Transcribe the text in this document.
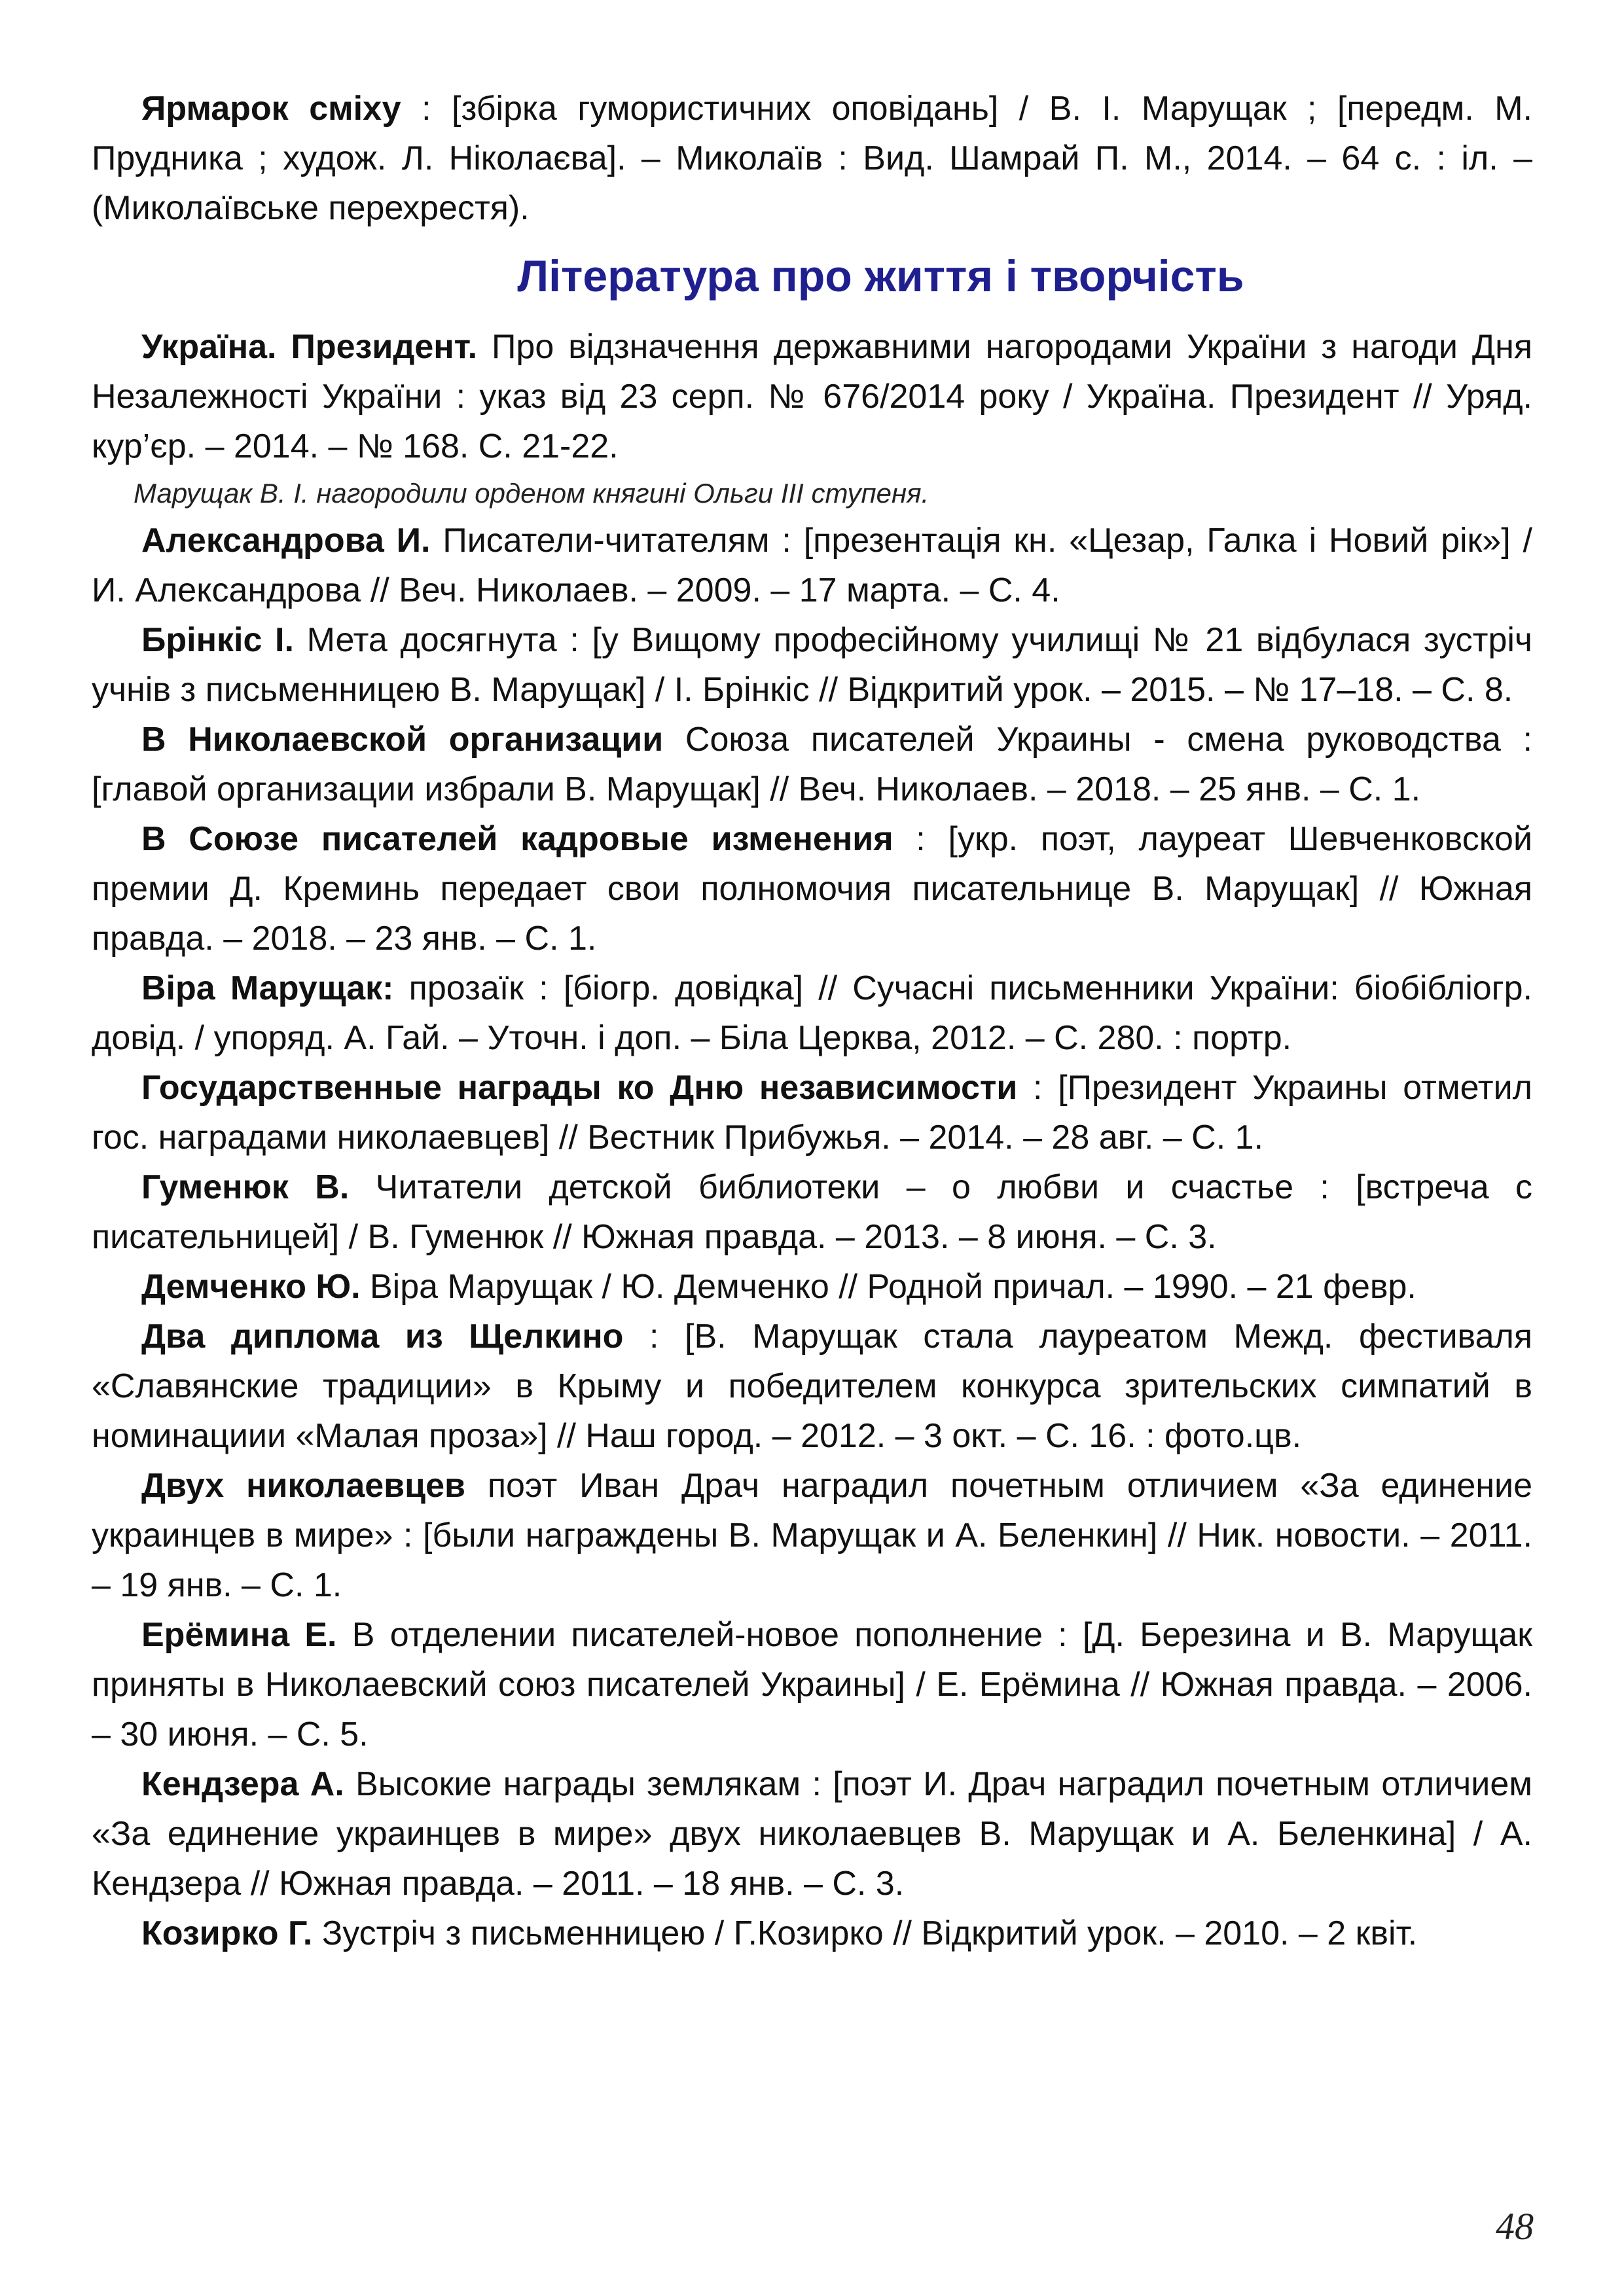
Ярмарок сміху : [збірка гумористичних оповідань] / В. І. Марущак ; [передм. М. Прудника ; худож. Л. Ніколаєва]. – Миколаїв : Вид. Шамрай П. М., 2014. – 64 с. : іл. – (Миколаївське перехрестя).

Література про життя і творчість

Україна. Президент. Про відзначення державними нагородами України з нагоди Дня Незалежності України : указ від 23 серп. № 676/2014 року / Україна. Президент // Уряд. кур’єр. – 2014. – № 168. С. 21-22.

Марущак В. І. нагородили орденом княгині Ольги ІІІ ступеня.

Александрова И. Писатели-читателям : [презентація кн. «Цезар, Галка і Новий рік»] / И. Александрова // Веч. Николаев. – 2009. – 17 марта. – С. 4.

Брінкіс І. Мета досягнута : [у Вищому професійному училищі № 21 відбулася зустріч учнів з письменницею В. Марущак] / І. Брінкіс // Відкритий урок. – 2015. – № 17–18. – С. 8.

В Николаевской организации Союза писателей Украины - смена руководства : [главой организации избрали В. Марущак] // Веч. Николаев. – 2018. – 25 янв. – С. 1.

В Союзе писателей кадровые изменения : [укр. поэт, лауреат Шевченковской премии Д. Креминь передает свои полномочия писательнице В. Марущак] // Южная правда. – 2018. – 23 янв. – С. 1.

Віра Марущак: прозаїк : [біогр. довідка] // Сучасні письменники України: біобібліогр. довід. / упоряд. А. Гай. – Уточн. і доп. – Біла Церква, 2012. – С. 280. : портр.

Государственные награды ко Дню независимости : [Президент Украины отметил гос. наградами николаевцев] // Вестник Прибужья. – 2014. – 28 авг. – С. 1.

Гуменюк В. Читатели детской библиотеки – о любви и счастье : [встреча с писательницей] / В. Гуменюк // Южная правда. – 2013. – 8 июня. – С. 3.

Демченко Ю. Віра Марущак / Ю. Демченко // Родной причал. – 1990. – 21 февр.

Два диплома из Щелкино : [В. Марущак стала лауреатом Межд. фестиваля «Славянские традиции» в Крыму и победителем конкурса зрительских симпатий в номинациии «Малая проза»] // Наш город. – 2012. – 3 окт. – С. 16. : фото.цв.

Двух николаевцев поэт Иван Драч наградил почетным отличием «За единение украинцев в мире» : [были награждены В. Марущак и А. Беленкин] // Ник. новости. – 2011. – 19 янв. – С. 1.

Ерёмина Е. В отделении писателей-новое пополнение : [Д. Березина и В. Марущак приняты в Николаевский союз писателей Украины] / Е. Ерёмина // Южная правда. – 2006. – 30 июня. – С. 5.

Кендзера А. Высокие награды землякам : [поэт И. Драч наградил почетным отличием «За единение украинцев в мире» двух николаевцев В. Марущак и А. Беленкина] / А. Кендзера // Южная правда. – 2011. – 18 янв. – С. 3.

Козирко Г. Зустріч з письменницею / Г.Козирко // Відкритий урок. – 2010. – 2 квіт.

48
